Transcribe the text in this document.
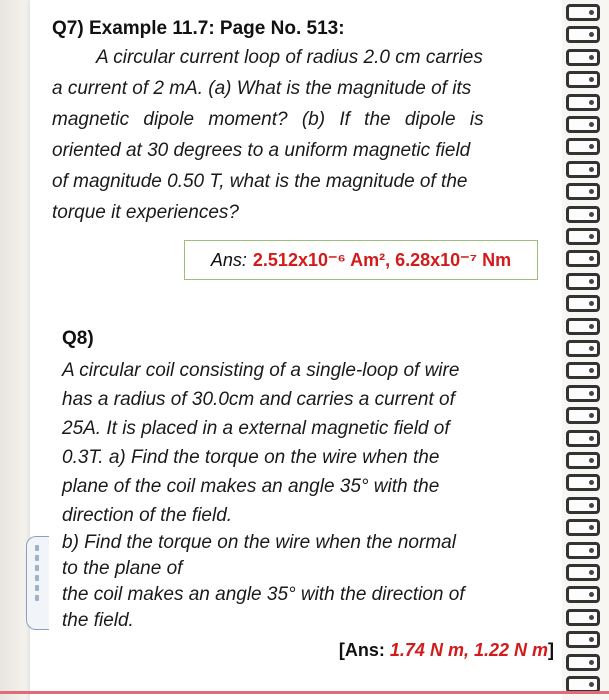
Q7) Example 11.7: Page No. 513:
A circular current loop of radius 2.0 cm carries
a current of 2 mA. (a) What is the magnitude of its
magnetic dipole moment? (b) If the dipole is
oriented at 30 degrees to a uniform magnetic field
of magnitude 0.50 T, what is the magnitude of the
torque it experiences?
Ans: 2.512x10⁻⁶ Am², 6.28x10⁻⁷ Nm
Q8)
A circular coil consisting of a single-loop of wire
has a radius of 30.0cm and carries a current of
25A. It is placed in a external magnetic field of
0.3T. a) Find the torque on the wire when the
plane of the coil makes an angle 35° with the
direction of the field.
b) Find the torque on the wire when the normal
to the plane of
the coil makes an angle 35° with the direction of
the field.
[Ans: 1.74 N m, 1.22 N m]
